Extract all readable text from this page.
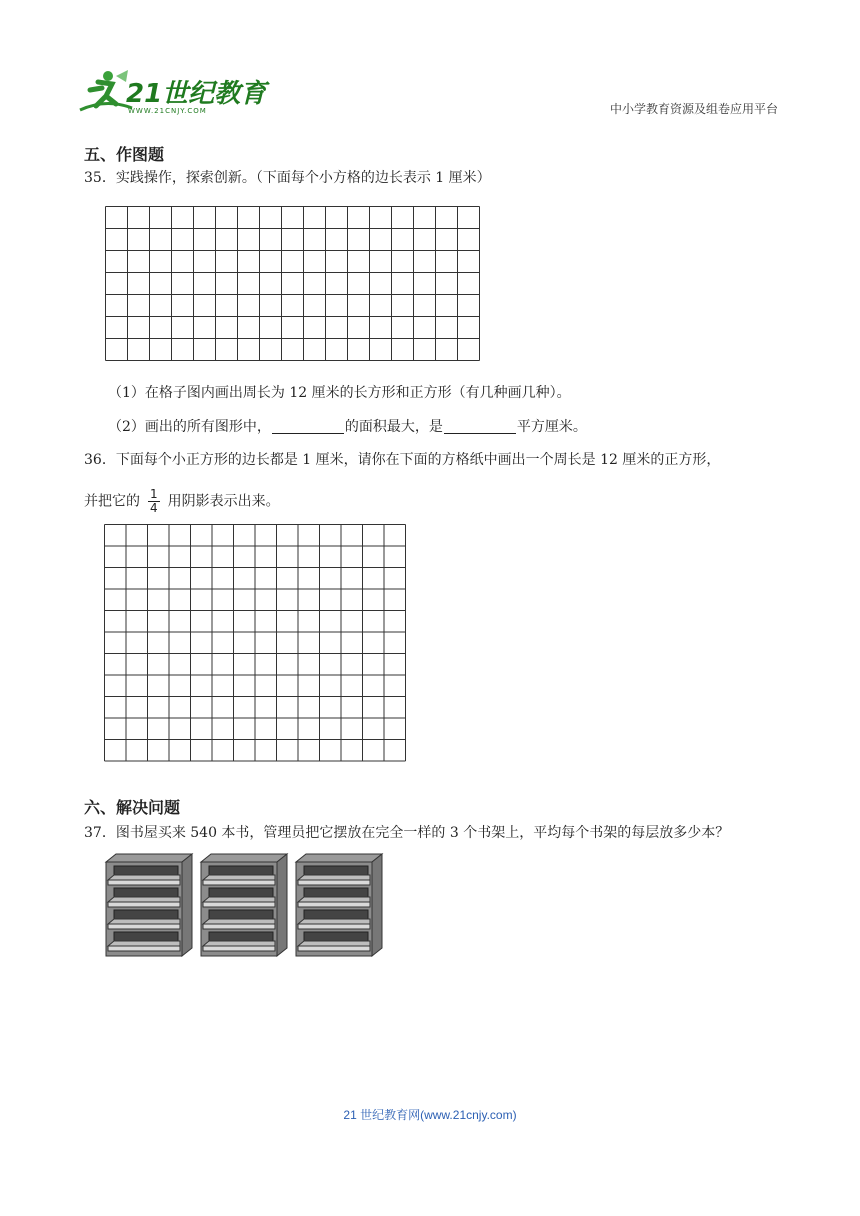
21世纪教育
WWW.21CNJY.COM	中小学教育资源及组卷应用平台
五、作图题
35．实践操作，探索创新。（下面每个小方格的边长表示 1 厘米）
（1）在格子图内画出周长为 12 厘米的长方形和正方形（有几种画几种）。
（2）画出的所有图形中，	的面积最大，是	平方厘米。
36．下面每个小正方形的边长都是 1 厘米，请你在下面的方格纸中画出一个周长是 12 厘米的正方形，
并把它的 $\frac{1}{4}$ 用阴影表示出来。
六、解决问题
37．图书屋买来 540 本书，管理员把它摆放在完全一样的 3 个书架上，平均每个书架的每层放多少本？
21 世纪教育网(www.21cnjy.com)
